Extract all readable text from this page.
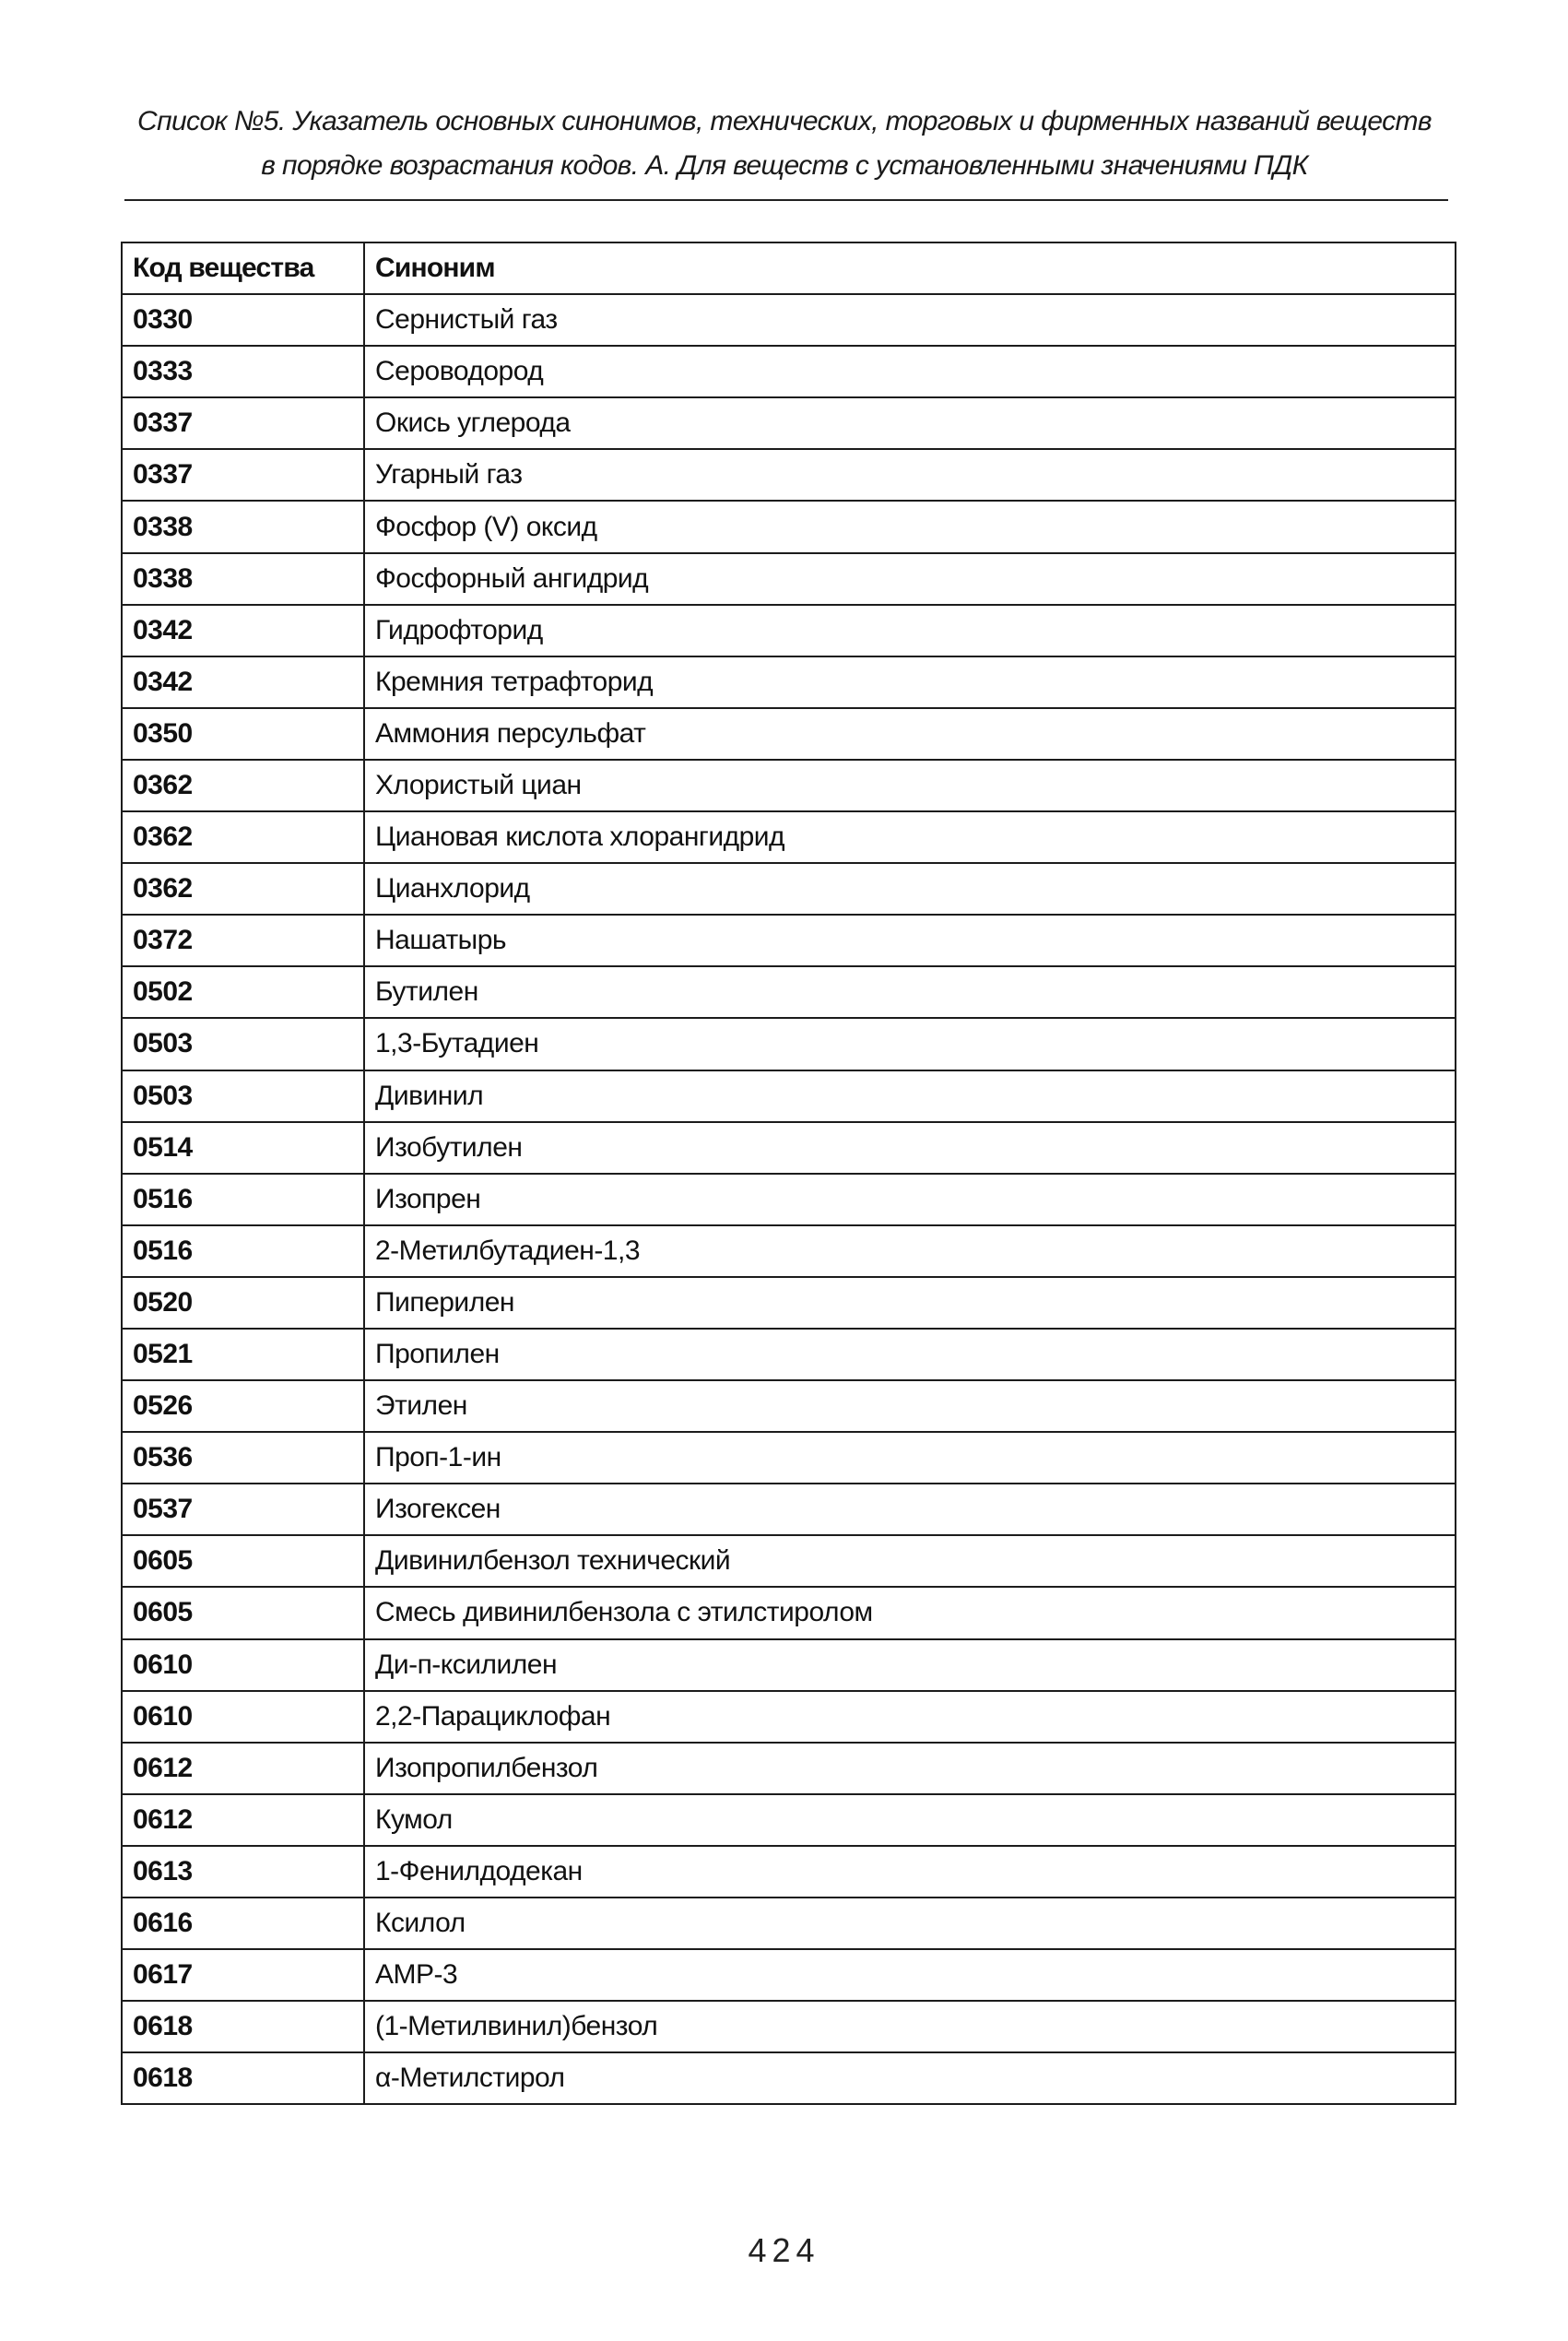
Список №5. Указатель основных синонимов, технических, торговых и фирменных названий веществ
в порядке возрастания кодов. А. Для веществ с установленными значениями ПДК
Код вещества	Синоним
0330	Сернистый газ
0333	Сероводород
0337	Окись углерода
0337	Угарный газ
0338	Фосфор (V) оксид
0338	Фосфорный ангидрид
0342	Гидрофторид
0342	Кремния тетрафторид
0350	Аммония персульфат
0362	Хлористый циан
0362	Циановая кислота хлорангидрид
0362	Цианхлорид
0372	Нашатырь
0502	Бутилен
0503	1,3-Бутадиен
0503	Дивинил
0514	Изобутилен
0516	Изопрен
0516	2-Метилбутадиен-1,3
0520	Пиперилен
0521	Пропилен
0526	Этилен
0536	Проп-1-ин
0537	Изогексен
0605	Дивинилбензол технический
0605	Смесь дивинилбензола с этилстиролом
0610	Ди-п-ксилилен
0610	2,2-Парациклофан
0612	Изопропилбензол
0612	Кумол
0613	1-Фенилдодекан
0616	Ксилол
0617	АМР-3
0618	(1-Метилвинил)бензол
0618	α-Метилстирол
424
